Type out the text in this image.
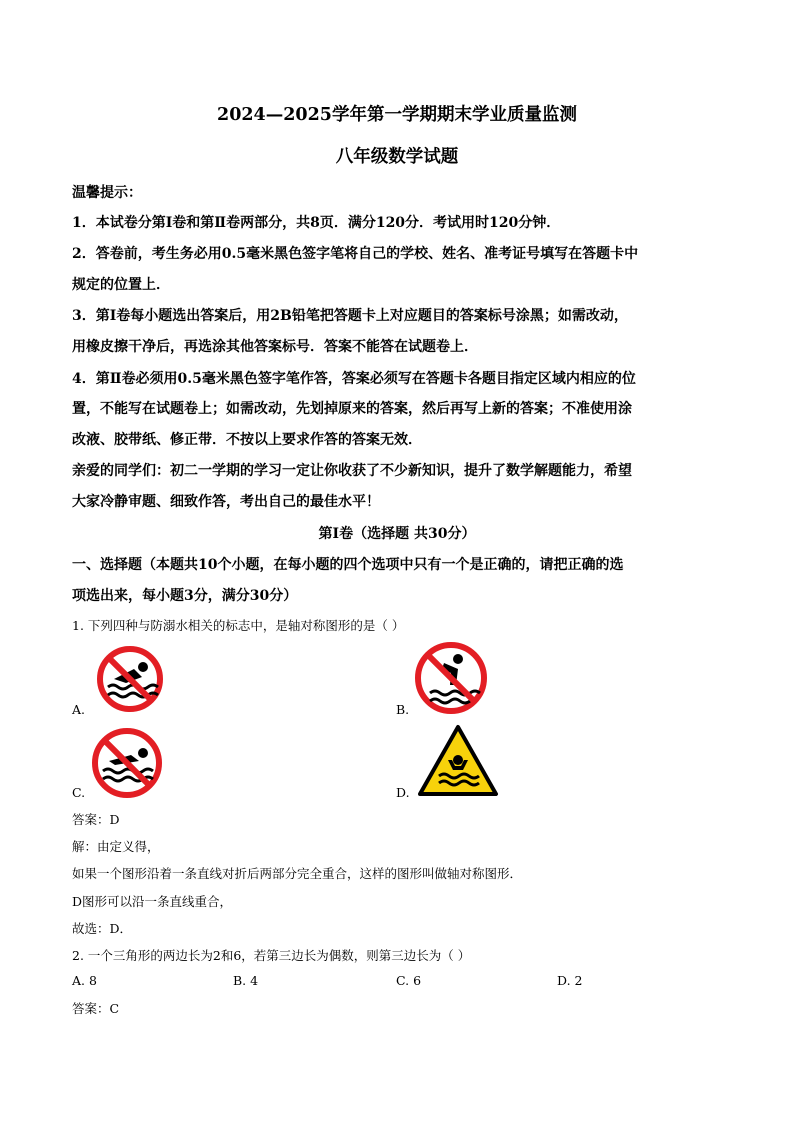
2024—2025学年第一学期期末学业质量监测
八年级数学试题
温馨提示：
1．本试卷分第Ⅰ卷和第Ⅱ卷两部分，共8页．满分120分．考试用时120分钟．
2．答卷前，考生务必用0.5毫米黑色签字笔将自己的学校、姓名、准考证号填写在答题卡中
规定的位置上．
3．第Ⅰ卷每小题选出答案后，用2B铅笔把答题卡上对应题目的答案标号涂黑；如需改动，
用橡皮擦干净后，再选涂其他答案标号．答案不能答在试题卷上．
4．第Ⅱ卷必须用0.5毫米黑色签字笔作答，答案必须写在答题卡各题目指定区域内相应的位
置，不能写在试题卷上；如需改动，先划掉原来的答案，然后再写上新的答案；不准使用涂
改液、胶带纸、修正带．不按以上要求作答的答案无效．
亲爱的同学们：初二一学期的学习一定让你收获了不少新知识，提升了数学解题能力，希望
大家冷静审题、细致作答，考出自己的最佳水平！
第Ⅰ卷（选择题 共30分）
一、选择题（本题共10个小题，在每小题的四个选项中只有一个是正确的，请把正确的选
项选出来，每小题3分，满分30分）
1. 下列四种与防溺水相关的标志中，是轴对称图形的是（ ）
A.	B.
C.	D.
答案：D
解：由定义得，
如果一个图形沿着一条直线对折后两部分完全重合，这样的图形叫做轴对称图形．
D图形可以沿一条直线重合，
故选：D．
2. 一个三角形的两边长为2和6，若第三边长为偶数，则第三边长为（ ）
A. 8	B. 4	C. 6	D. 2
答案：C
